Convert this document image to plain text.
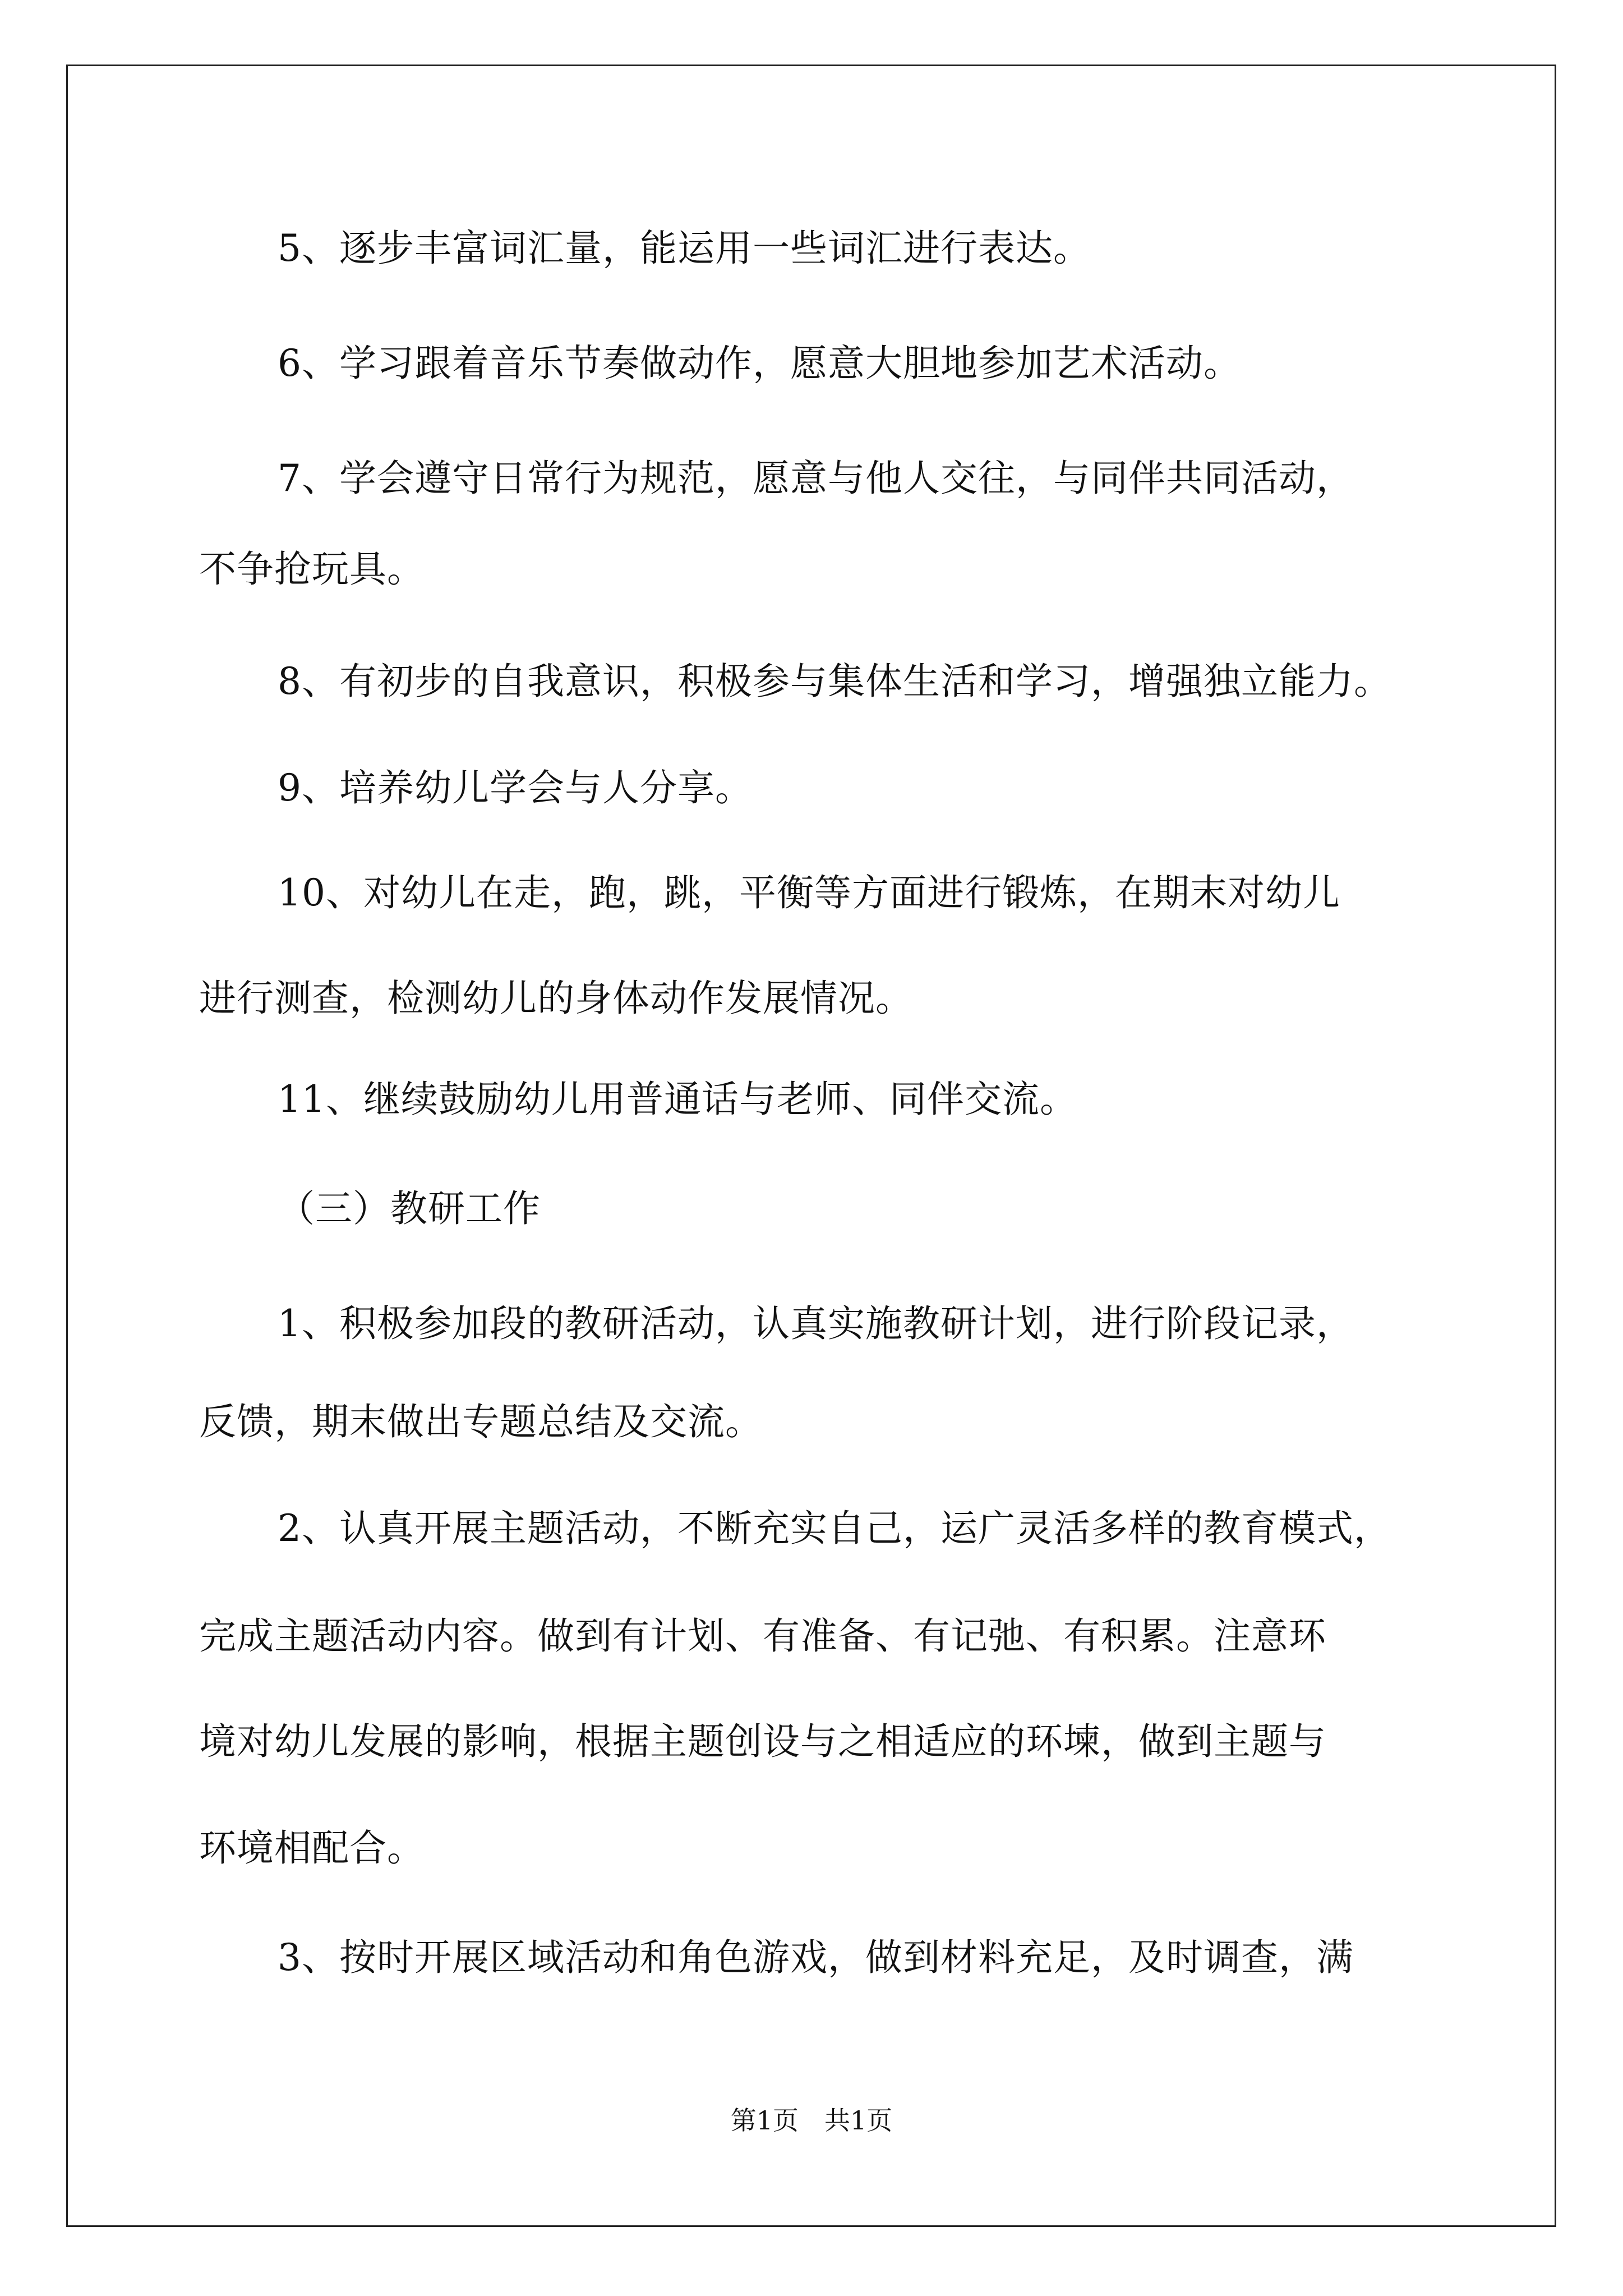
5、逐步丰富词汇量，能运用一些词汇进行表达。
6、学习跟着音乐节奏做动作，愿意大胆地参加艺术活动。
7、学会遵守日常行为规范，愿意与他人交往，与同伴共同活动，
不争抢玩具。
8、有初步的自我意识，积极参与集体生活和学习，增强独立能力。
9、培养幼儿学会与人分享。
10、对幼儿在走，跑，跳，平衡等方面进行锻炼，在期末对幼儿
进行测查，检测幼儿的身体动作发展情况。
11、继续鼓励幼儿用普通话与老师、同伴交流。
（三）教研工作
1、积极参加段的教研活动，认真实施教研计划，进行阶段记录，
反馈，期末做出专题总结及交流。
2、认真开展主题活动，不断充实自己，运广灵活多样的教育模式，
完成主题活动内容。做到有计划、有准备、有记弛、有积累。注意环
境对幼儿发展的影响，根据主题创设与之相适应的环堜，做到主题与
环境相配合。
3、按时开展区域活动和角色游戏，做到材料充足，及时调查，满
第1页　共1页
